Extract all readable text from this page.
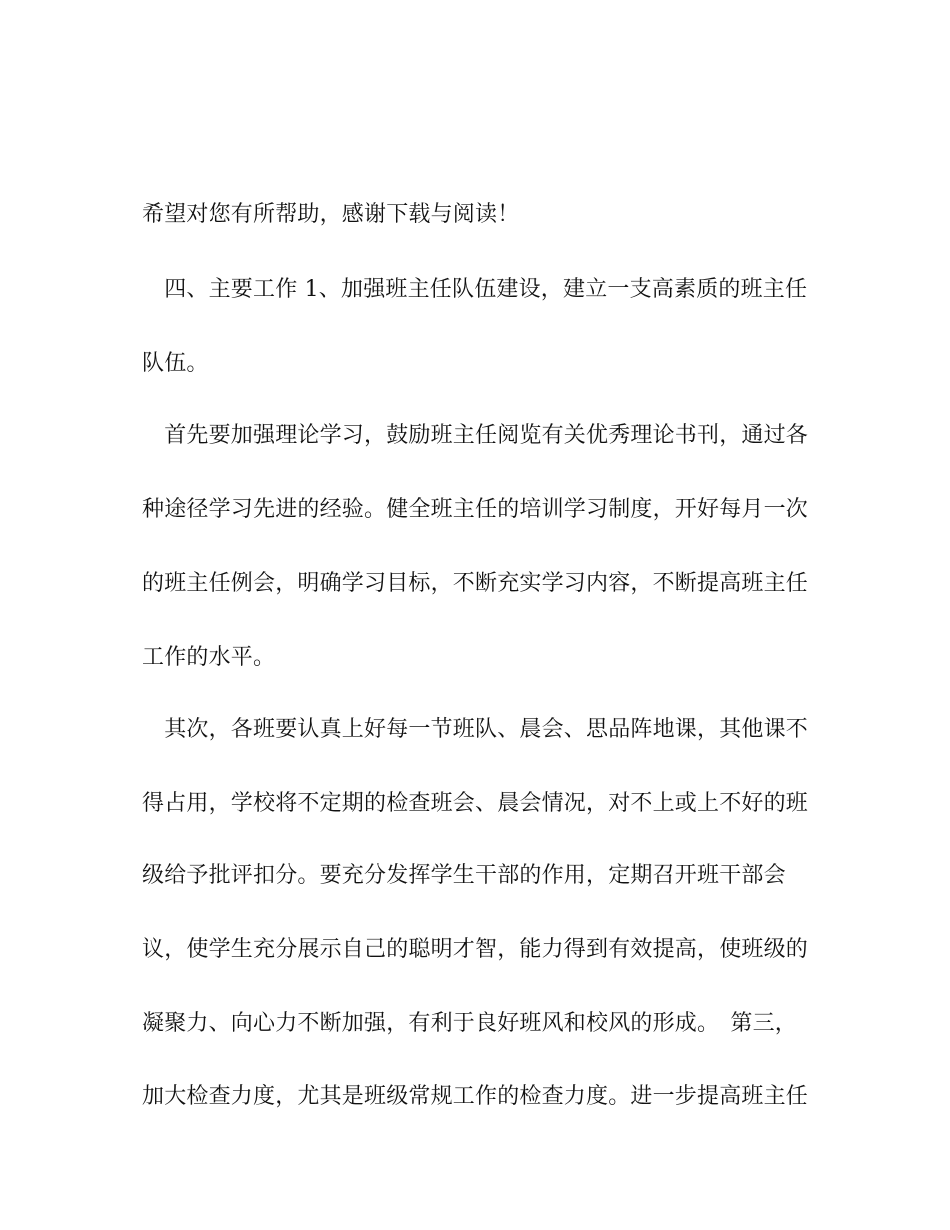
希望对您有所帮助，感谢下载与阅读！
　四、主要工作 1、加强班主任队伍建设，建立一支高素质的班主任
队伍。
　首先要加强理论学习，鼓励班主任阅览有关优秀理论书刊，通过各
种途径学习先进的经验。健全班主任的培训学习制度，开好每月一次
的班主任例会，明确学习目标，不断充实学习内容，不断提高班主任
工作的水平。
　其次，各班要认真上好每一节班队、晨会、思品阵地课，其他课不
得占用，学校将不定期的检查班会、晨会情况，对不上或上不好的班
级给予批评扣分。要充分发挥学生干部的作用，定期召开班干部会
议，使学生充分展示自己的聪明才智，能力得到有效提高，使班级的
凝聚力、向心力不断加强，有利于良好班风和校风的形成。　第三，
加大检查力度，尤其是班级常规工作的检查力度。进一步提高班主任
